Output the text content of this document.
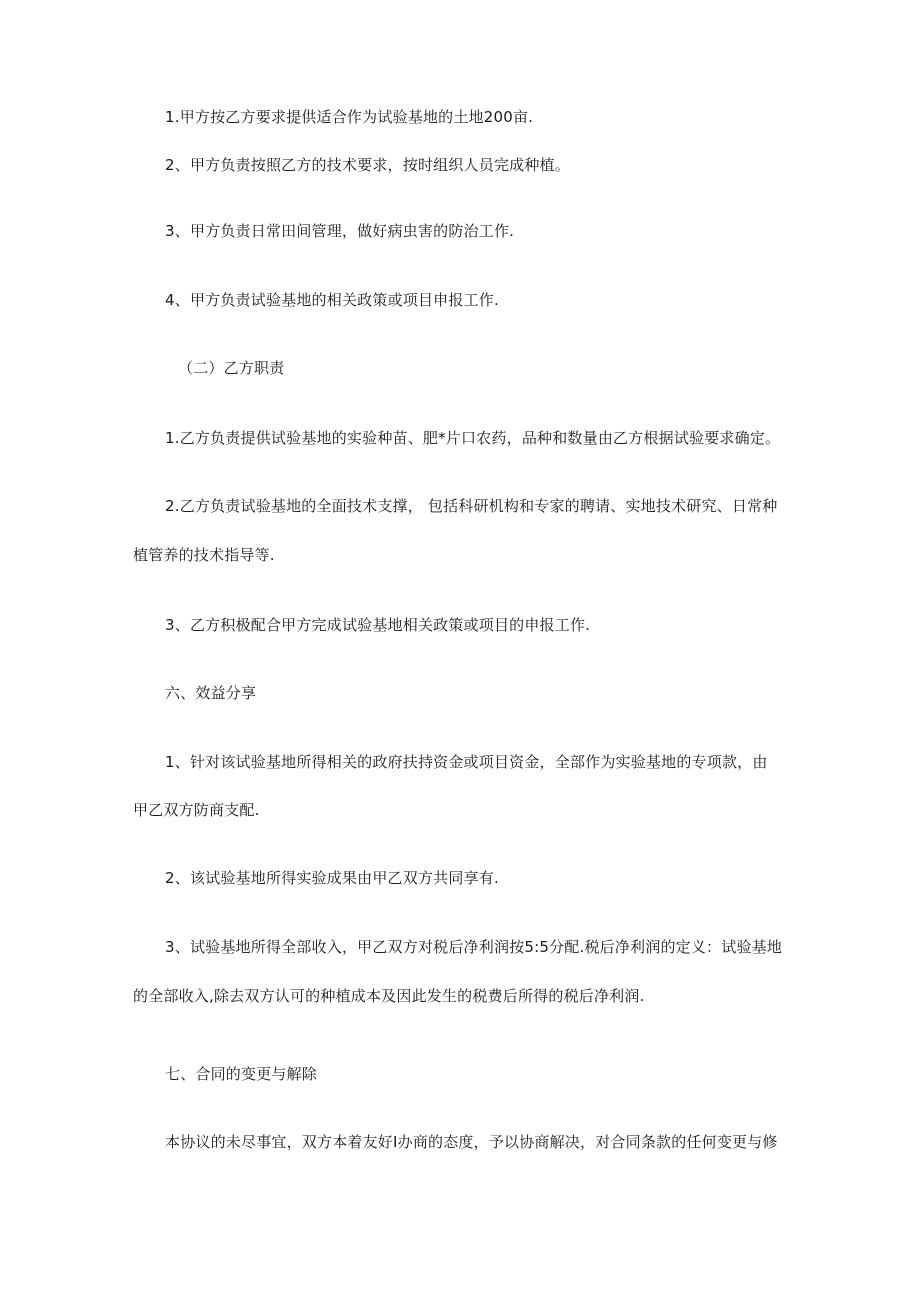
1.甲方按乙方要求提供适合作为试验基地的土地200亩.
2、甲方负责按照乙方的技术要求，按时组织人员完成种植。
3、甲方负责日常田间管理，做好病虫害的防治工作.
4、甲方负责试验基地的相关政策或项目申报工作.
（二）乙方职责
1.乙方负责提供试验基地的实验种苗、肥*片口农药，品种和数量由乙方根据试验要求确定。
2.乙方负责试验基地的全面技术支撑， 包括科研机构和专家的聘请、实地技术研究、日常种
植管养的技术指导等.
3、乙方积极配合甲方完成试验基地相关政策或项目的申报工作.
六、效益分享
1、针对该试验基地所得相关的政府扶持资金或项目资金，全部作为实验基地的专项款，由
甲乙双方防商支配.
2、该试验基地所得实验成果由甲乙双方共同享有.
3、试验基地所得全部收入，甲乙双方对税后净利润按5:5分配.税后净利润的定义：试验基地
的全部收入,除去双方认可的种植成本及因此发生的税费后所得的税后净利润.
七、合同的变更与解除
本协议的未尽事宜，双方本着友好I办商的态度，予以协商解决，对合同条款的任何变更与修
